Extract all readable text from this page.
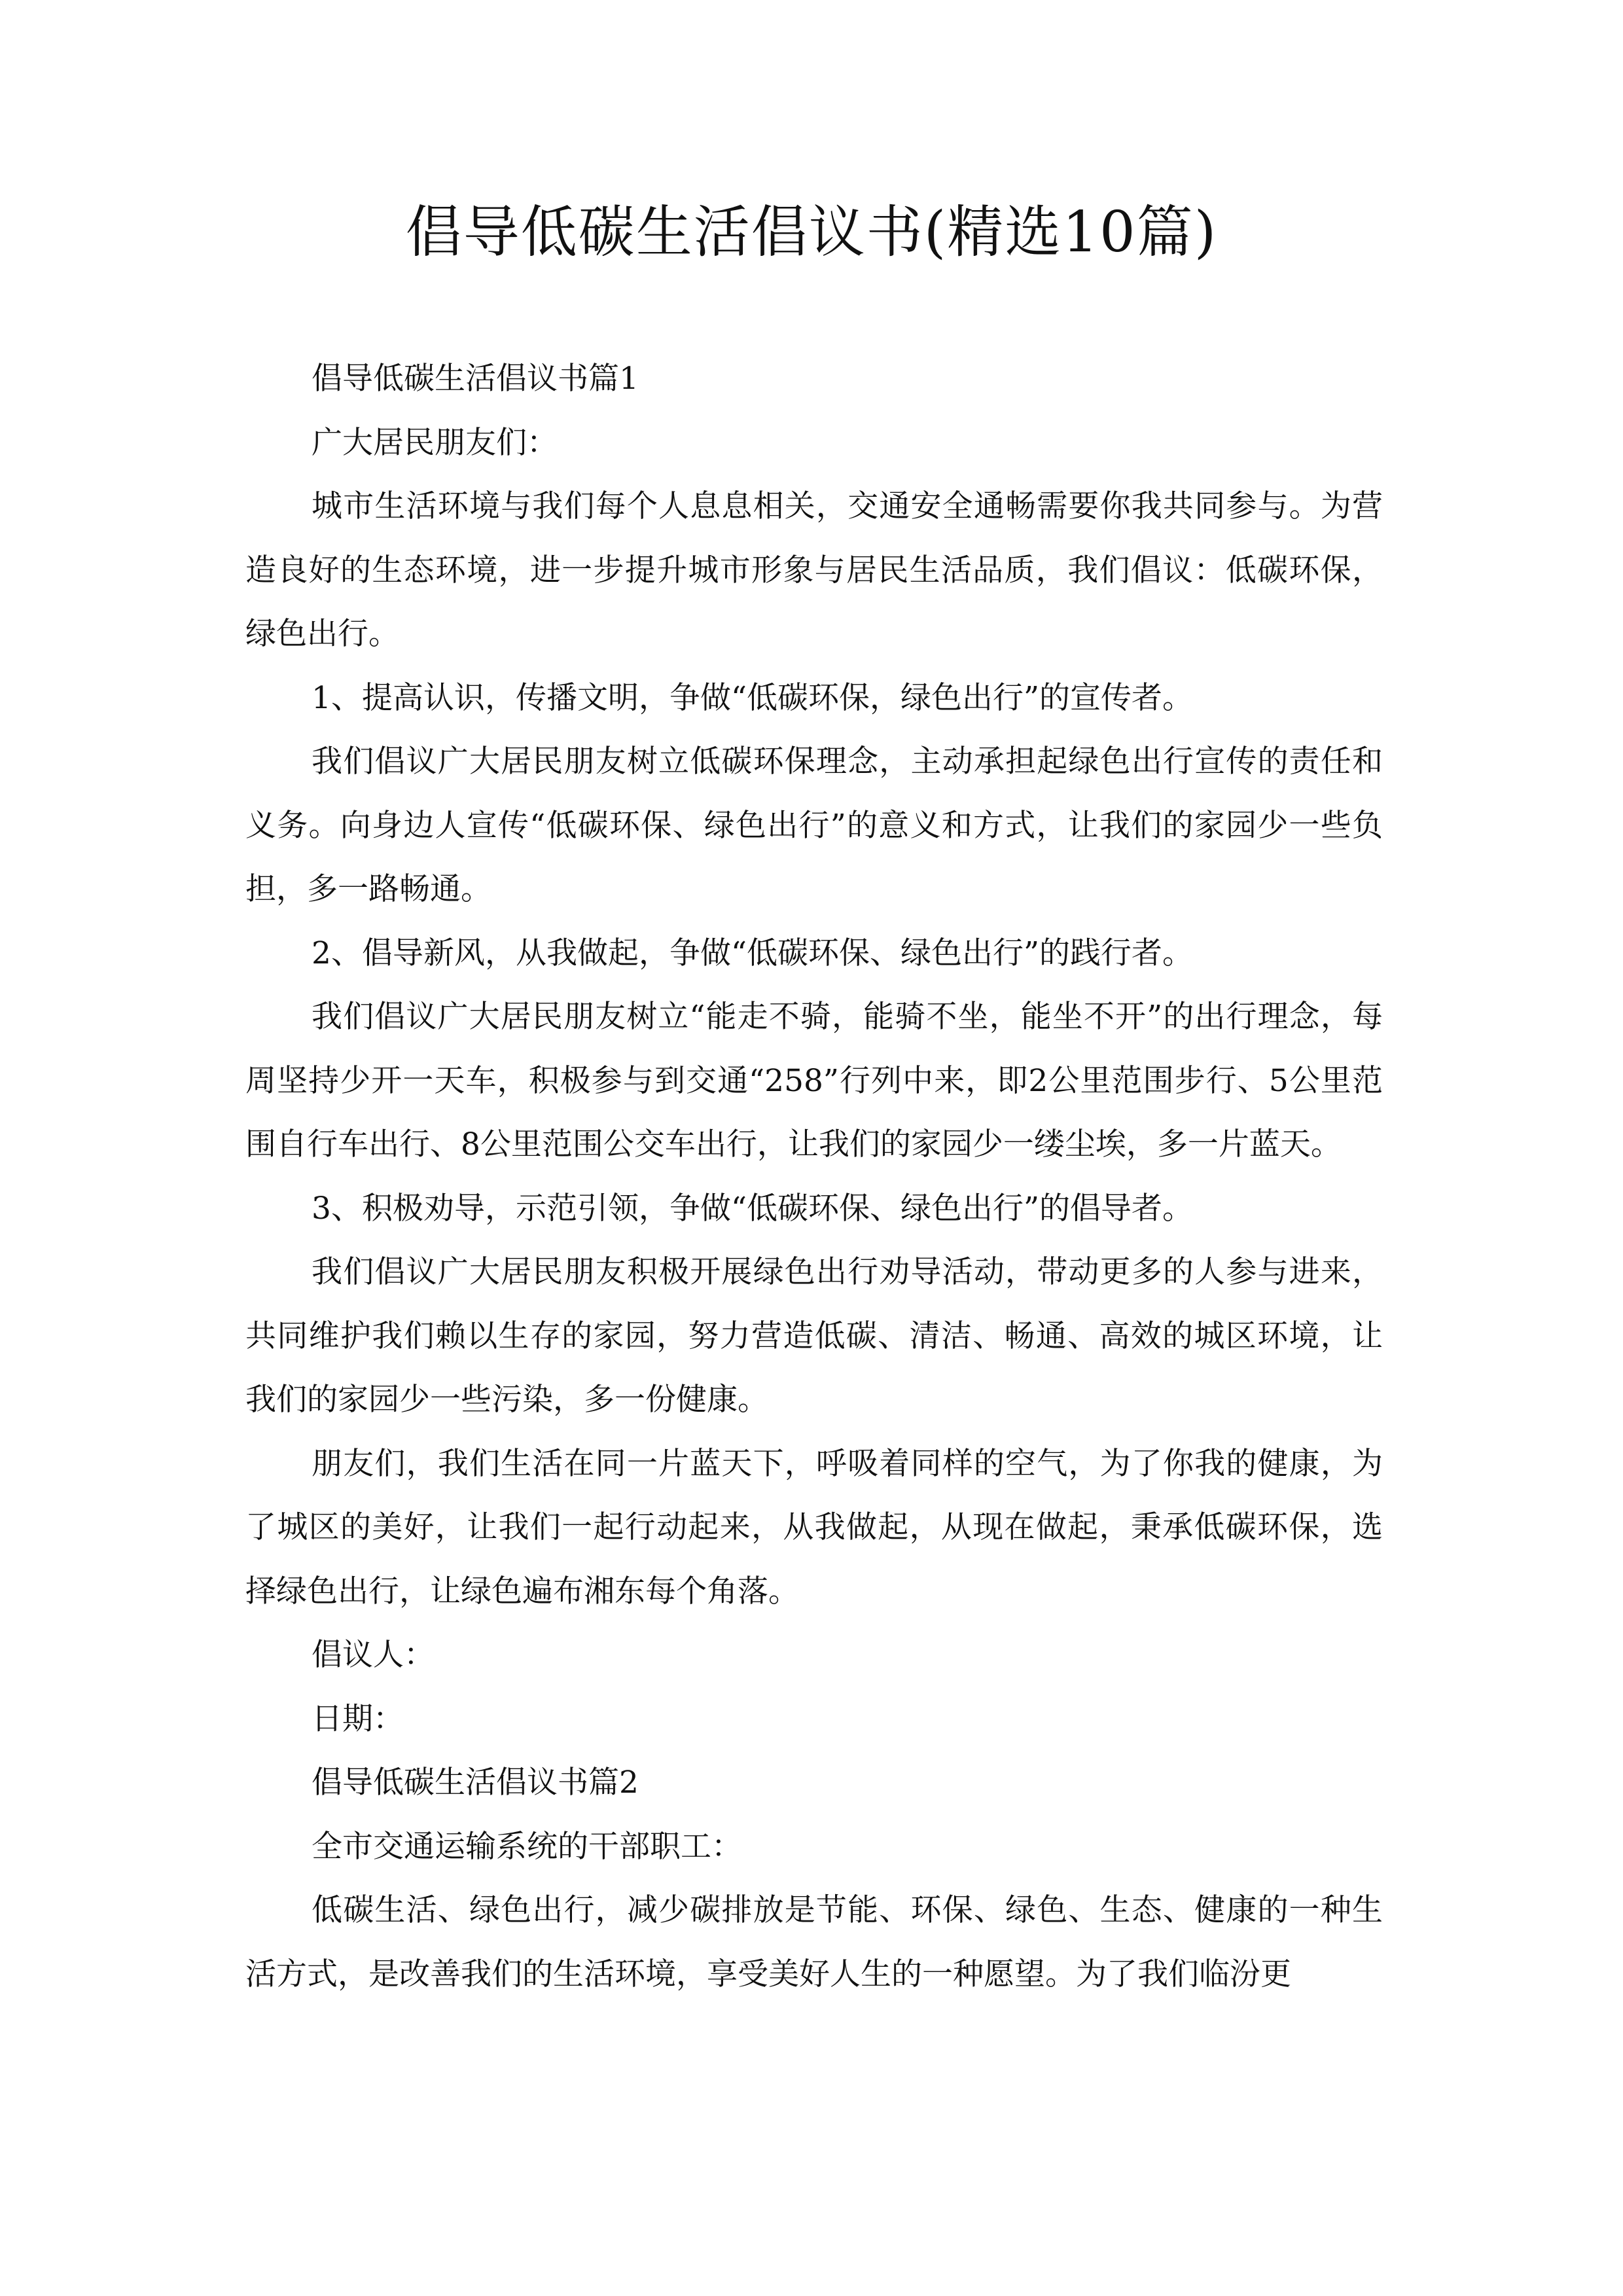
倡导低碳生活倡议书(精选10篇)

倡导低碳生活倡议书篇1

广大居民朋友们：

城市生活环境与我们每个人息息相关，交通安全通畅需要你我共同参与。为营造良好的生态环境，进一步提升城市形象与居民生活品质，我们倡议：低碳环保，绿色出行。

1、提高认识，传播文明，争做“低碳环保，绿色出行”的宣传者。

我们倡议广大居民朋友树立低碳环保理念，主动承担起绿色出行宣传的责任和义务。向身边人宣传“低碳环保、绿色出行”的意义和方式，让我们的家园少一些负担，多一路畅通。

2、倡导新风，从我做起，争做“低碳环保、绿色出行”的践行者。

我们倡议广大居民朋友树立“能走不骑，能骑不坐，能坐不开”的出行理念，每周坚持少开一天车，积极参与到交通“258”行列中来，即2公里范围步行、5公里范围自行车出行、8公里范围公交车出行，让我们的家园少一缕尘埃，多一片蓝天。

3、积极劝导，示范引领，争做“低碳环保、绿色出行”的倡导者。

我们倡议广大居民朋友积极开展绿色出行劝导活动，带动更多的人参与进来，共同维护我们赖以生存的家园，努力营造低碳、清洁、畅通、高效的城区环境，让我们的家园少一些污染，多一份健康。

朋友们，我们生活在同一片蓝天下，呼吸着同样的空气，为了你我的健康，为了城区的美好，让我们一起行动起来，从我做起，从现在做起，秉承低碳环保，选择绿色出行，让绿色遍布湘东每个角落。

倡议人：

日期：

倡导低碳生活倡议书篇2

全市交通运输系统的干部职工：

低碳生活、绿色出行，减少碳排放是节能、环保、绿色、生态、健康的一种生活方式，是改善我们的生活环境，享受美好人生的一种愿望。为了我们临汾更
